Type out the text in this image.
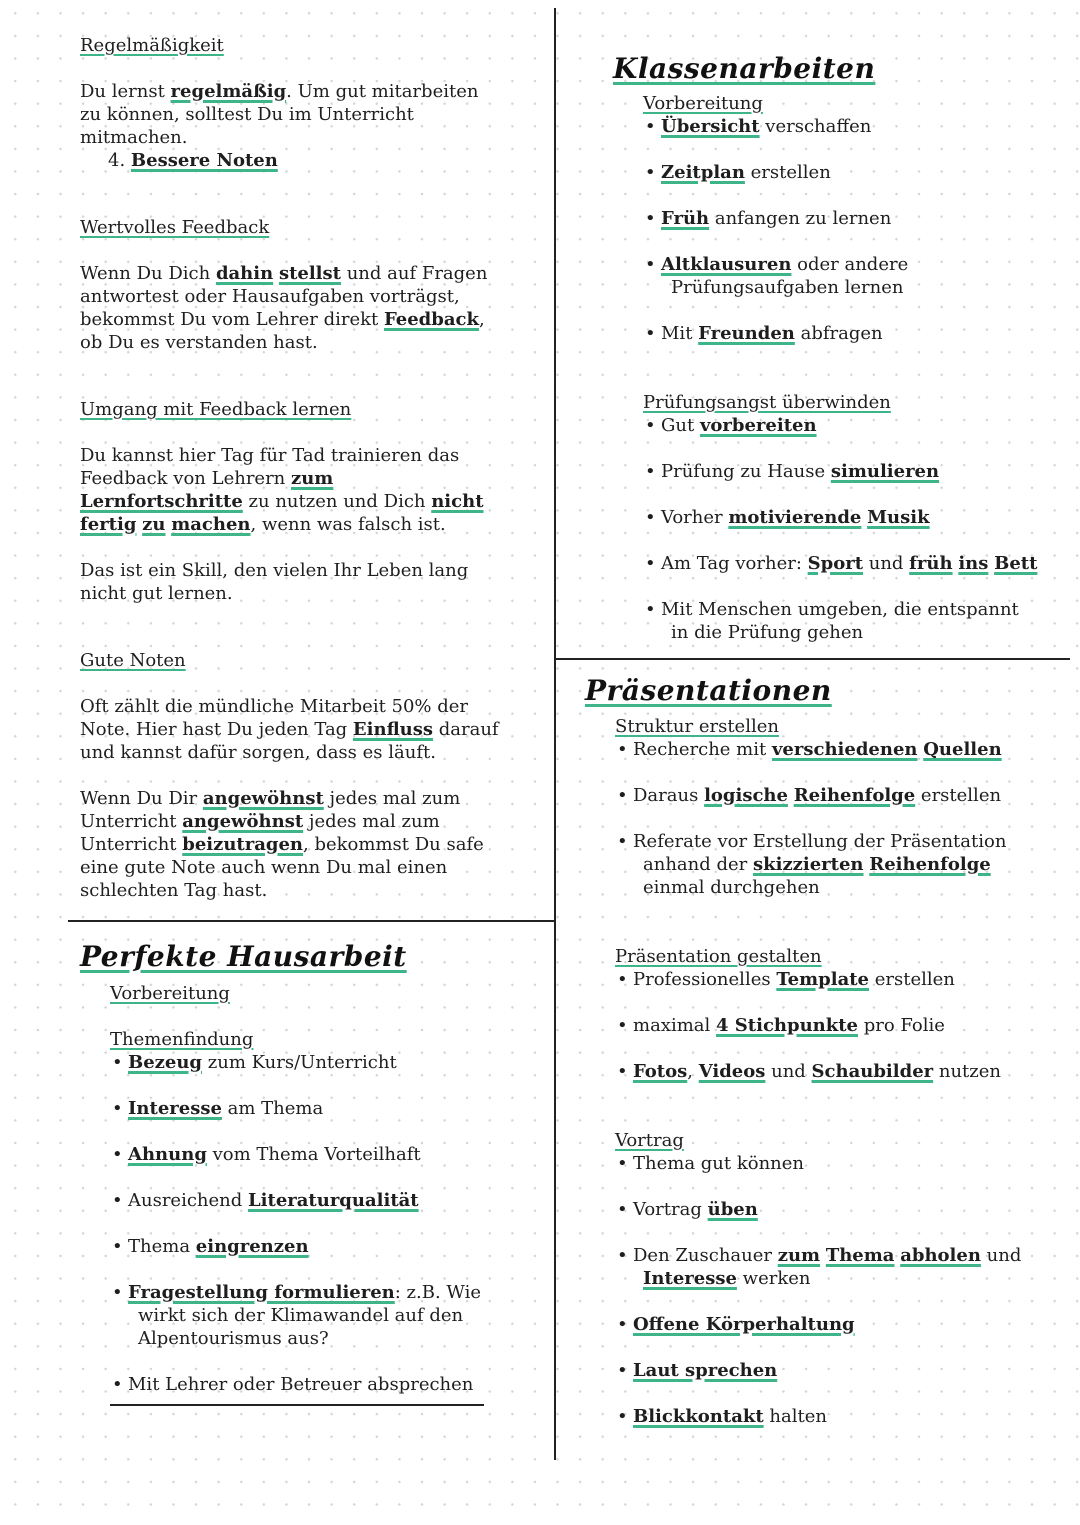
Regelmäßigkeit

Du lernst regelmäßig. Um gut mitarbeiten

zu können, solltest Du im Unterricht

mitmachen.

4. Bessere Noten

Wertvolles Feedback

Wenn Du Dich dahin stellst und auf Fragen

antwortest oder Hausaufgaben vorträgst,

bekommst Du vom Lehrer direkt Feedback,

ob Du es verstanden hast.

Umgang mit Feedback lernen

Du kannst hier Tag für Tad trainieren das

Feedback von Lehrern zum

Lernfortschritte zu nutzen und Dich nicht

fertig zu machen, wenn was falsch ist.

Das ist ein Skill, den vielen Ihr Leben lang

nicht gut lernen.

Gute Noten

Oft zählt die mündliche Mitarbeit 50% der

Note. Hier hast Du jeden Tag Einfluss darauf

und kannst dafür sorgen, dass es läuft.

Wenn Du Dir angewöhnst jedes mal zum

Unterricht angewöhnst jedes mal zum

Unterricht beizutragen, bekommst Du safe

eine gute Note auch wenn Du mal einen

schlechten Tag hast.

Perfekte Hausarbeit

Vorbereitung

Themenfindung

• Bezeug zum Kurs/Unterricht

• Interesse am Thema

• Ahnung vom Thema Vorteilhaft

• Ausreichend Literaturqualität

• Thema eingrenzen

• Fragestellung formulieren: z.B. Wie

wirkt sich der Klimawandel auf den

Alpentourismus aus?

• Mit Lehrer oder Betreuer absprechen

Klassenarbeiten

Vorbereitung

• Übersicht verschaffen

• Zeitplan erstellen

• Früh anfangen zu lernen

• Altklausuren oder andere

Prüfungsaufgaben lernen

• Mit Freunden abfragen

Prüfungsangst überwinden

• Gut vorbereiten

• Prüfung zu Hause simulieren

• Vorher motivierende Musik

• Am Tag vorher: Sport und früh ins Bett

• Mit Menschen umgeben, die entspannt

in die Prüfung gehen

Präsentationen

Struktur erstellen

• Recherche mit verschiedenen Quellen

• Daraus logische Reihenfolge erstellen

• Referate vor Erstellung der Präsentation

anhand der skizzierten Reihenfolge

einmal durchgehen

Präsentation gestalten

• Professionelles Template erstellen

• maximal 4 Stichpunkte pro Folie

• Fotos, Videos und Schaubilder nutzen

Vortrag

• Thema gut können

• Vortrag üben

• Den Zuschauer zum Thema abholen und

Interesse werken

• Offene Körperhaltung

• Laut sprechen

• Blickkontakt halten
